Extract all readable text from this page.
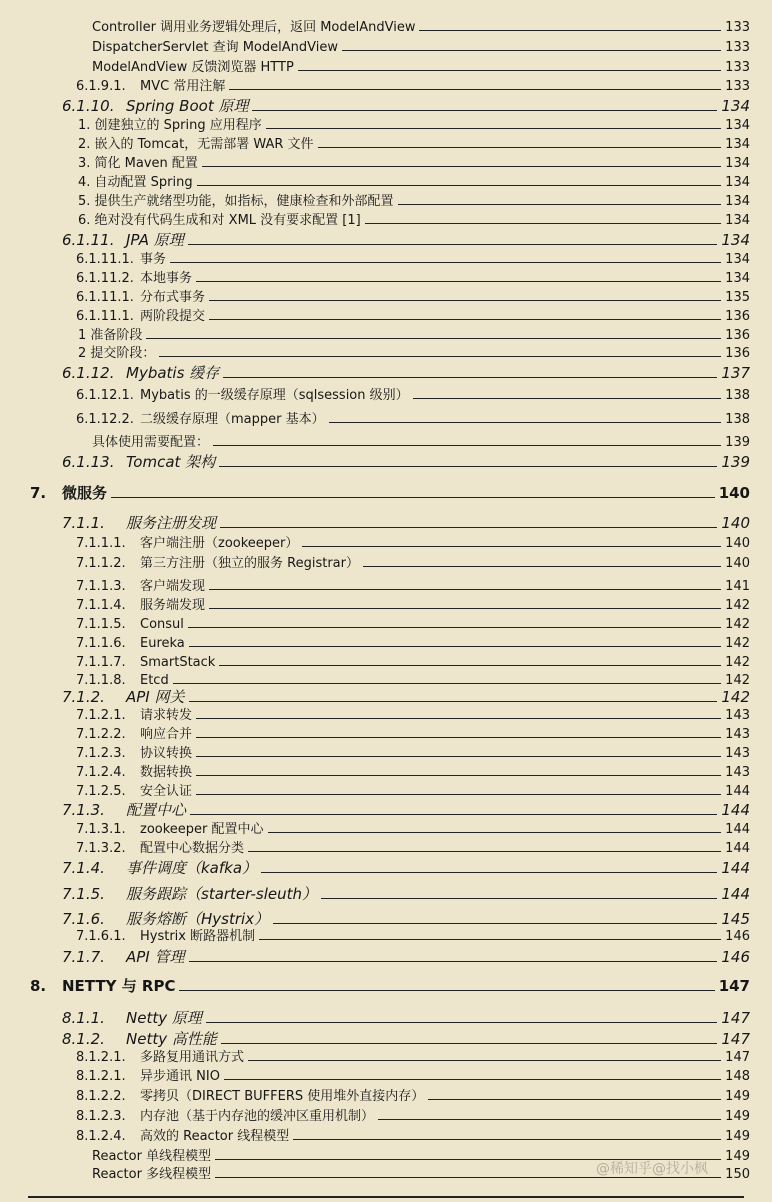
Controller 调用业务逻辑处理后，返回 ModelAndView	133
DispatcherServlet 查询 ModelAndView	133
ModelAndView 反馈浏览器 HTTP	133
6.1.9.1.	MVC 常用注解	133
6.1.10. Spring Boot 原理	134
1. 创建独立的 Spring 应用程序	134
2. 嵌入的 Tomcat，无需部署 WAR 文件	134
3. 简化 Maven 配置	134
4. 自动配置 Spring	134
5. 提供生产就绪型功能，如指标，健康检查和外部配置	134
6. 绝对没有代码生成和对 XML 没有要求配置 [1]	134
6.1.11. JPA 原理	134
6.1.11.1. 事务	134
6.1.11.2. 本地事务	134
6.1.11.1. 分布式事务	135
6.1.11.1. 两阶段提交	136
1 准备阶段	136
2 提交阶段：	136
6.1.12. Mybatis 缓存	137
6.1.12.1. Mybatis 的一级缓存原理（sqlsession 级别）	138
6.1.12.2. 二级缓存原理（mapper 基本）	138
具体使用需要配置：	139
6.1.13. Tomcat 架构	139
7.	微服务	140
7.1.1.	服务注册发现	140
7.1.1.1.	客户端注册（zookeeper）	140
7.1.1.2.	第三方注册（独立的服务 Registrar）	140
7.1.1.3.	客户端发现	141
7.1.1.4.	服务端发现	142
7.1.1.5.	Consul	142
7.1.1.6.	Eureka	142
7.1.1.7.	SmartStack	142
7.1.1.8.	Etcd	142
7.1.2.	API 网关	142
7.1.2.1.	请求转发	143
7.1.2.2.	响应合并	143
7.1.2.3.	协议转换	143
7.1.2.4.	数据转换	143
7.1.2.5.	安全认证	144
7.1.3.	配置中心	144
7.1.3.1.	zookeeper 配置中心	144
7.1.3.2.	配置中心数据分类	144
7.1.4.	事件调度（kafka）	144
7.1.5.	服务跟踪（starter-sleuth）	144
7.1.6.	服务熔断（Hystrix）	145
7.1.6.1.	Hystrix 断路器机制	146
7.1.7.	API 管理	146
8.	NETTY 与 RPC	147
8.1.1.	Netty 原理	147
8.1.2.	Netty 高性能	147
8.1.2.1.	多路复用通讯方式	147
8.1.2.1.	异步通讯 NIO	148
8.1.2.2.	零拷贝（DIRECT BUFFERS 使用堆外直接内存）	149
8.1.2.3.	内存池（基于内存池的缓冲区重用机制）	149
8.1.2.4.	高效的 Reactor 线程模型	149
Reactor 单线程模型	149
Reactor 多线程模型	150
@稀知乎@找小枫
